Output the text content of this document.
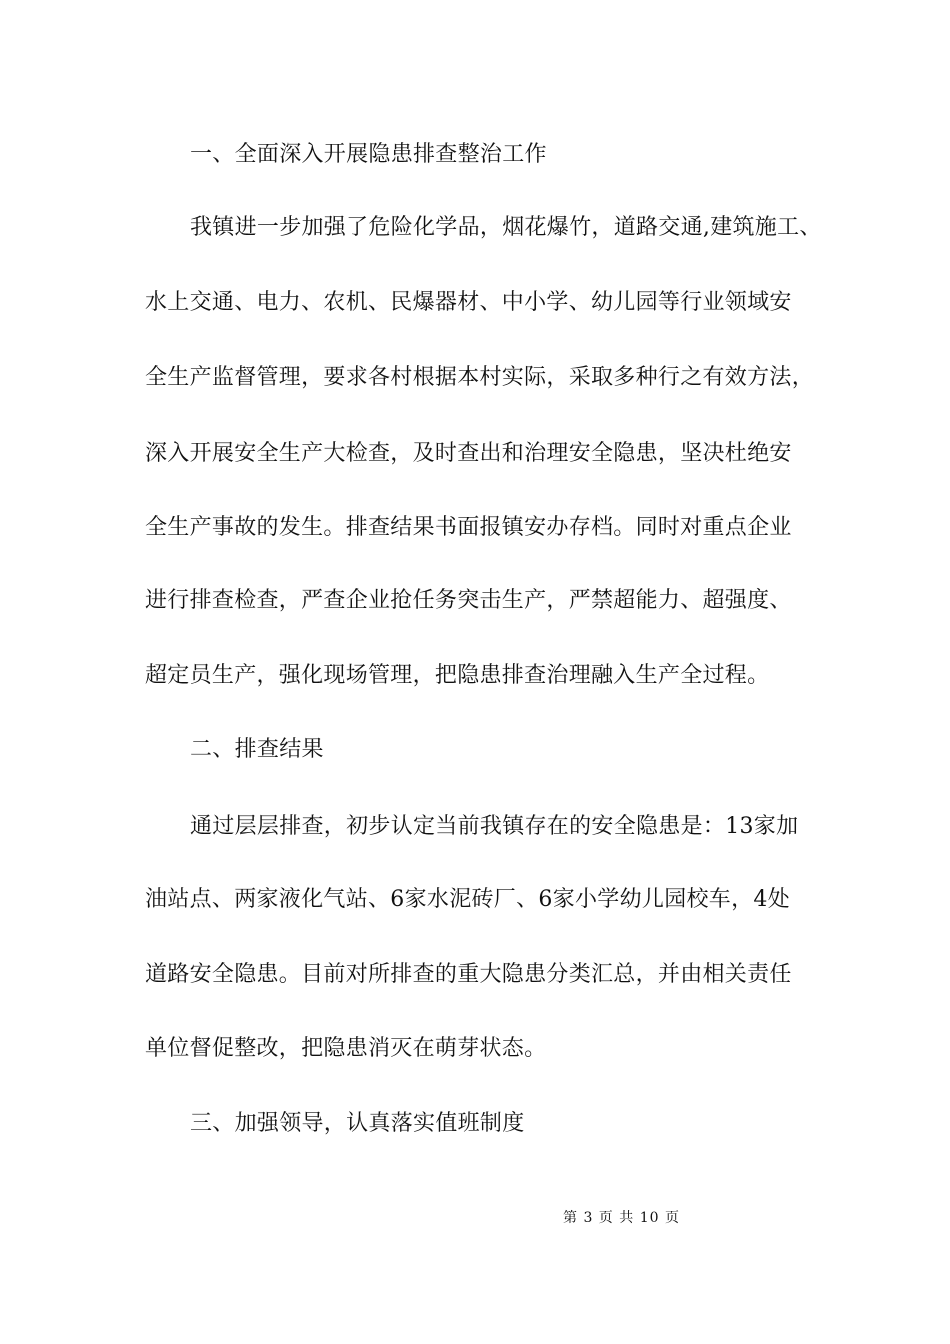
一、全面深入开展隐患排查整治工作
我镇进一步加强了危险化学品，烟花爆竹，道路交通,建筑施工、
水上交通、电力、农机、民爆器材、中小学、幼儿园等行业领域安
全生产监督管理，要求各村根据本村实际，采取多种行之有效方法，
深入开展安全生产大检查，及时查出和治理安全隐患，坚决杜绝安
全生产事故的发生。排查结果书面报镇安办存档。同时对重点企业
进行排查检查，严查企业抢任务突击生产，严禁超能力、超强度、
超定员生产，强化现场管理，把隐患排查治理融入生产全过程。
二、排查结果
通过层层排查，初步认定当前我镇存在的安全隐患是：13家加
油站点、两家液化气站、6家水泥砖厂、6家小学幼儿园校车，4处
道路安全隐患。目前对所排查的重大隐患分类汇总，并由相关责任
单位督促整改，把隐患消灭在萌芽状态。
三、加强领导，认真落实值班制度
第 3 页 共 10 页
